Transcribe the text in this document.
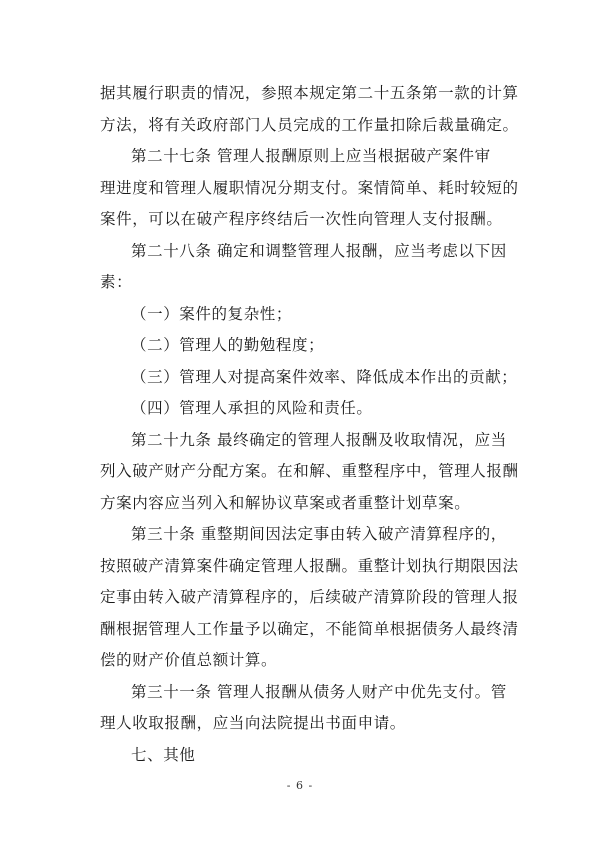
据其履行职责的情况，参照本规定第二十五条第一款的计算
方法，将有关政府部门人员完成的工作量扣除后裁量确定。
第二十七条 管理人报酬原则上应当根据破产案件审
理进度和管理人履职情况分期支付。案情简单、耗时较短的
案件，可以在破产程序终结后一次性向管理人支付报酬。
第二十八条 确定和调整管理人报酬，应当考虑以下因
素：
（一）案件的复杂性；
（二）管理人的勤勉程度；
（三）管理人对提高案件效率、降低成本作出的贡献；
（四）管理人承担的风险和责任。
第二十九条 最终确定的管理人报酬及收取情况，应当
列入破产财产分配方案。在和解、重整程序中，管理人报酬
方案内容应当列入和解协议草案或者重整计划草案。
第三十条 重整期间因法定事由转入破产清算程序的，
按照破产清算案件确定管理人报酬。重整计划执行期限因法
定事由转入破产清算程序的，后续破产清算阶段的管理人报
酬根据管理人工作量予以确定，不能简单根据债务人最终清
偿的财产价值总额计算。
第三十一条 管理人报酬从债务人财产中优先支付。管
理人收取报酬，应当向法院提出书面申请。
七、其他
- 6 -
